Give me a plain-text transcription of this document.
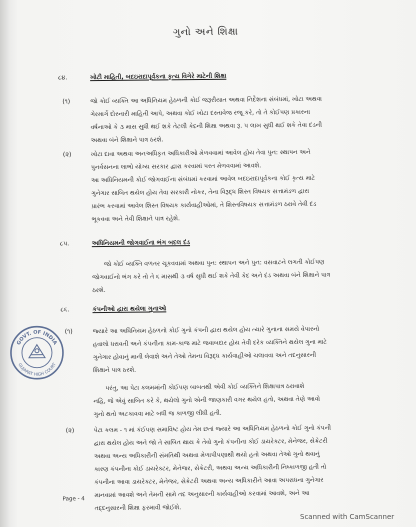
ગુનો અને શિક્ષા
૮૪.	ખોટી માહિતી, બદઇરાદાપૂર્વકના કૃત્ય વિગેરે માટેની શિક્ષા
(૧)	જો કોઈ વ્યક્તિ આ અધિનિયમ હેઠળની કોઈ જરૂરીયાત અથવા નિર્દેશના સંબંધમાં, ખોટા અથવા
ગેરમાર્ગે દોરનારી માહિતી આપે, અથવા કોઈ ખોટા દસ્તાવેજ રજૂ કરે, તો તે કોઈપણ પ્રકારના
વર્ષનાઓ કે ૩ માસ સુધી થઈ શકે તેટલી કેદની શિક્ષા અથવા રૂ. ૫ લાખ સુધી થઈ શકે તેવા દંડની
અથવા બંને શિક્ષાને પાત્ર ઠરશે.
(૨)	ખોટા દાવા અથવા અનઅધિકૃત અધિકારીઓ મેળવવામાં આવેલ હોય તેવા પુન: સ્થાપન અને
પુનર્વસનના લાભો યોગ્ય સરકાર દ્વારા કરવામાં પરત મેળવવામાં આવશે.
આ અધિનિયમની કોઈ જોગવાઈના સંબંધમાં કરવામાં આવેલ બદઇરાદાપૂર્વકના કોઈ કૃત્ય માટે
ગુનેગાર સાબિત થયેલ હોય તેવા સરકારી નોકર, તેના વિરૂદ્ધ શિસ્ત વિષયક સત્તામંડળ દ્વારા
પ્રારંભ કરવામાં આવેલ શિસ્ત વિષયક કાર્યવાહીઓમાં, તે શિસ્તવિષયક સત્તામંડળ ઠરાવે તેવી દંડ
ભૂકવવા અને તેવી શિક્ષાને પાત્ર રહેશે.
૮૫.	અધિનિયમની જોગવાઈના ભંગ બદલ દંડ
જો કોઈ વ્યક્તિ વળતર ચૂકવવામાં અથવા પુન: સ્થાપન અને પુન: વસવાટને લગતી કોઈપણ
જોગવાઈનો ભંગ કરે તો તે ૬ માસથી ૩ વર્ષ સુધી થઈ શકે તેવી કેદ અને દંડ અથવા બંને શિક્ષાને પાત્ર
ઠરશે.
૮૬.	કંપનીઓ દ્વારા થયેલા ગુનાઓ
(૧)	જ્યારે આ અધિનિયમ હેઠળનો કોઈ ગુનો કંપની દ્વારા થયેલ હોય ત્યારે ગુનાના સમયે વેપારનો
હવાલો ધરાવતી અને કંપનીના કામ-કાજ માટે જવાબદાર હોય તેવી દરેક વ્યક્તિને થયેલ ગુના માટે
ગુનેગાર હોવાનું માની લેવાશે અને તેઓ તેમના વિરૂદ્ધ કાર્યવાહીઓ ચલાવવા અને તદનુસારની
શિક્ષાને પાત્ર ઠરશે.
પરંતુ, આ પેટા કલમમાંની કોઈપણ બાબતથી એવી કોઈ વ્યક્તિને શિક્ષાપાત્ર ઠરાવાશે
નહિ, જે એવું સાબિત કરે કે, થયેલો ગુનો એની જાણકારી વગર થયેલ હતો, અથવા તેણે આવો
ગુનો થતો અટકાવવા માટે બધી જ કાળજી લીધી હતી.
(૨)	પેટા કલમ - ૧ માં કંઈપણ સમાવિષ્ટ હોય તેમ છતાં જ્યારે આ અધિનિયમ હેઠળનો કોઈ ગુનો કંપની
દ્વારા થયેલ હોય અને જો તે સાબિત થાય કે તેવો ગુનો કંપનીના કોઈ ડાયરેક્ટર, મેનેજર, સેક્રેટરી
અથવા અન્ય અધિકારીની સંમતિથી અથવા મેળાપીપણાથી થયો હતો અથવા તેઓ ગુનો થવાનું
કારણ કંપનીના કોઈ ડાયરેક્ટર, મેનેજર, સેક્રેટરી, અથવા અન્ય અધિકારીની નિષ્કાળજી હતી તો
કંપનીના આવા ડાયરેક્ટર, મેનેજર, સેક્રેટરી અથવા અન્ય અધિકારીને આવા અપરાધના ગુનેગાર
માનવામાં આવશે અને તેમની સામે તદ અનુસારની કાર્યવાહીઓ કરવામાં આવશે, અને આ
તદ્દનુસારની શિક્ષા ફરમાવી જોઈશે.
GOVT. OF INDIA
GUJARAT HIGH COURT
Page - 4
Scanned with CamScanner
